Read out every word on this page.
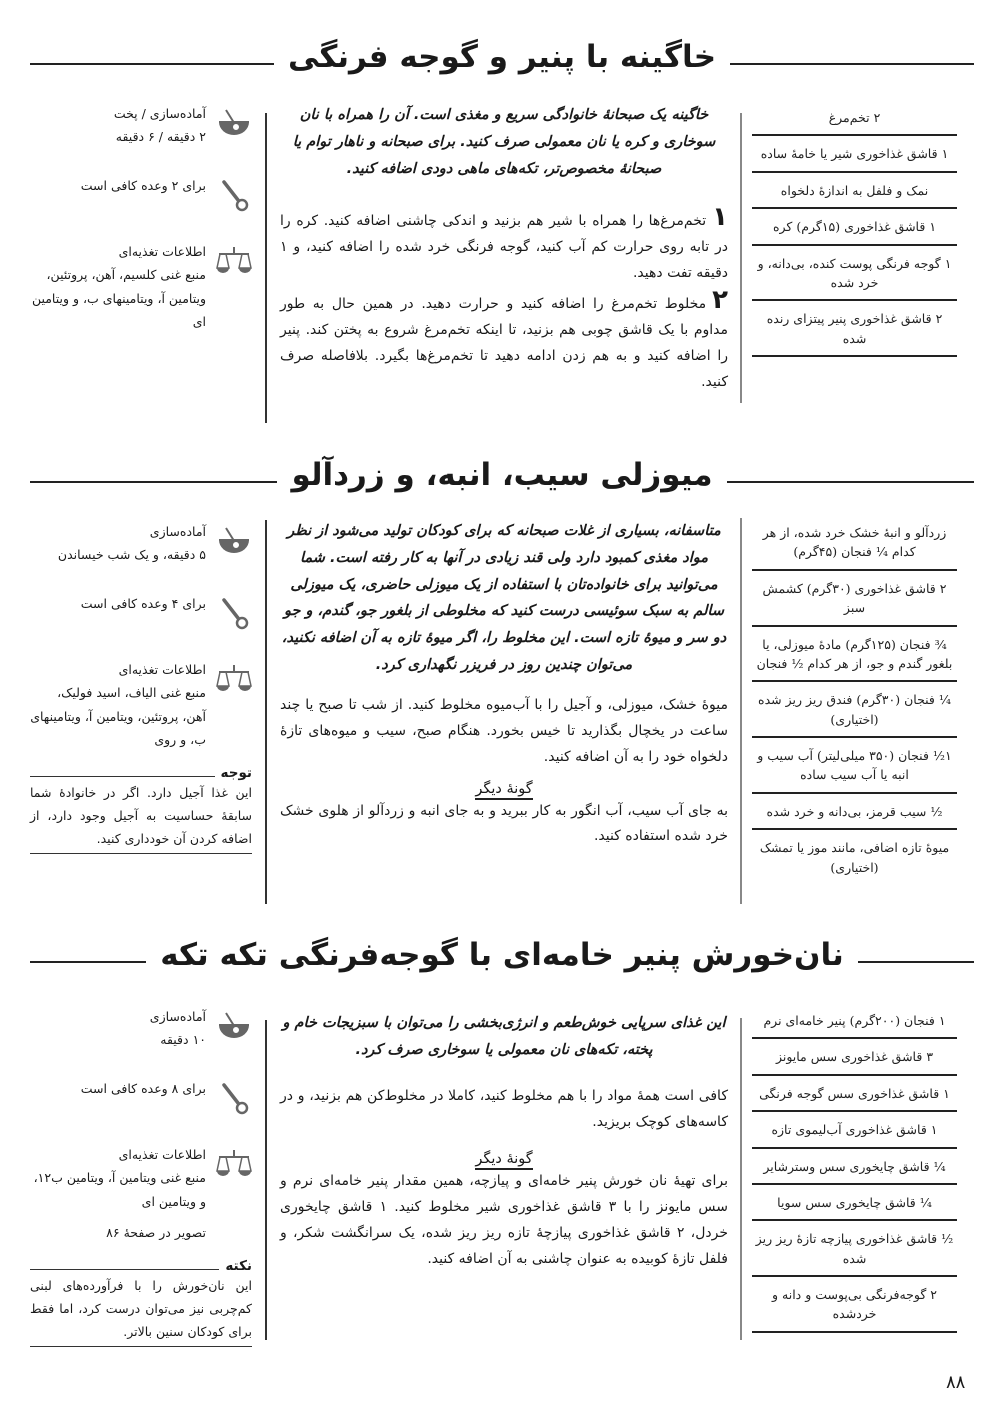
خاگینه با پنیر و گوجه فرنگی
۲ تخم‌مرغ
۱ قاشق غذاخوری شیر یا خامهٔ ساده
نمک و فلفل به اندازهٔ دلخواه
۱ قاشق غذاخوری (۱۵گرم) کره
۱ گوجه فرنگی پوست کنده، بی‌دانه، و خرد شده
۲ قاشق غذاخوری پنیر پیتزای رنده شده

خاگینه یک صبحانهٔ خانوادگی سریع و مغذی است. آن را همراه با نان سوخاری و کره یا نان معمولی صرف کنید. برای صبحانه و ناهار توام یا صبحانهٔ مخصوص‌تر، تکه‌های ماهی دودی اضافه کنید.

۱تخم‌مرغ‌ها را همراه با شیر هم بزنید و اندکی چاشنی اضافه کنید. کره را در تابه روی حرارت کم آب کنید، گوجه فرنگی خرد شده را اضافه کنید، و ۱ دقیقه تفت دهید.

۲مخلوط تخم‌مرغ را اضافه کنید و حرارت دهید. در همین حال به طور مداوم با یک قاشق چوبی هم بزنید، تا اینکه تخم‌مرغ شروع به پختن کند. پنیر را اضافه کنید و به هم زدن ادامه دهید تا تخم‌مرغ‌ها بگیرد. بلافاصله صرف کنید.

آماده‌سازی / پخت
۲ دقیقه / ۶ دقیقه
برای ۲ وعده کافی است
اطلاعات تغذیه‌ای
منبع غنی کلسیم، آهن، پروتئین، ویتامین آ، ویتامینهای ب، و ویتامین ای
میوزلی سیب، انبه، و زردآلو
زردآلو و انبهٔ خشک خرد شده، از هر کدام ¼ فنجان (۴۵گرم)
۲ قاشق غذاخوری (۳۰گرم) کشمش سبز
¾ فنجان (۱۲۵گرم) مادهٔ میوزلی، یا بلغور گندم و جو، از هر کدام ½ فنجان
¼ فنجان (۳۰گرم) فندق ریز ریز شده (اختیاری)
۱½ فنجان (۳۵۰ میلی‌لیتر) آب سیب و انبه یا آب سیب ساده
½ سیب قرمز، بی‌دانه و خرد شده
میوهٔ تازه اضافی، مانند موز یا تمشک (اختیاری)

متاسفانه، بسیاری از غلات صبحانه که برای کودکان تولید می‌شود از نظر مواد مغذی کمبود دارد ولی قند زیادی در آنها به کار رفته است. شما می‌توانید برای خانواده‌تان با استفاده از یک میوزلی حاضری، یک میوزلی سالم به سبک سوئیسی درست کنید که مخلوطی از بلغور جو، گندم، و جو دو سر و میوهٔ تازه است. این مخلوط را، اگر میوهٔ تازه به آن اضافه نکنید، می‌توان چندین روز در فریزر نگهداری کرد.

میوهٔ خشک، میوزلی، و آجیل را با آب‌میوه مخلوط کنید. از شب تا صبح یا چند ساعت در یخچال بگذارید تا خیس بخورد. هنگام صبح، سیب و میوه‌های تازهٔ دلخواه خود را به آن اضافه کنید.

گونهٔ دیگر

به جای آب سیب، آب انگور به کار ببرید و به جای انبه و زردآلو از هلوی خشک خرد شده استفاده کنید.

آماده‌سازی
۵ دقیقه، و یک شب خیساندن
برای ۴ وعده کافی است
اطلاعات تغذیه‌ای
منبع غنی الیاف، اسید فولیک، آهن، پروتئین، ویتامین آ، ویتامینهای ب، و روی
توجه

این غذا آجیل دارد. اگر در خانوادهٔ شما سابقهٔ حساسیت به آجیل وجود دارد، از اضافه کردن آن خودداری کنید.

نان‌خورش پنیر خامه‌ای با گوجه‌فرنگی تکه تکه
۱ فنجان (۲۰۰گرم) پنیر خامه‌ای نرم
۳ قاشق غذاخوری سس مایونز
۱ قاشق غذاخوری سس گوجه فرنگی
۱ قاشق غذاخوری آب‌لیموی تازه
¼ قاشق چایخوری سس وسترشایر
¼ قاشق چایخوری سس سویا
½ قاشق غذاخوری پیازچه تازهٔ ریز ریز شده
۲ گوجه‌فرنگی بی‌پوست و دانه و خردشده

این غذای سرپایی خوش‌طعم و انرژی‌بخشی را می‌توان با سبزیجات خام و پخته، تکه‌های نان معمولی یا سوخاری صرف کرد.

کافی است همهٔ مواد را با هم مخلوط کنید، کاملا در مخلوط‌کن هم بزنید، و در کاسه‌های کوچک بریزید.

گونهٔ دیگر

برای تهیهٔ نان خورش پنیر خامه‌ای و پیازچه، همین مقدار پنیر خامه‌ای نرم و سس مایونز را با ۳ قاشق غذاخوری شیر مخلوط کنید. ۱ قاشق چایخوری خردل، ۲ قاشق غذاخوری پیازچهٔ تازه ریز ریز شده، یک سرانگشت شکر، و فلفل تازهٔ کوبیده به عنوان چاشنی به آن اضافه کنید.

آماده‌سازی
۱۰ دقیقه
برای ۸ وعده کافی است
اطلاعات تغذیه‌ای
منبع غنی ویتامین آ، ویتامین ب۱۲، و ویتامین ای

تصویر در صفحهٔ ۸۶

نکته

این نان‌خورش را با فرآورده‌های لبنی کم‌چربی نیز می‌توان درست کرد، اما فقط برای کودکان سنین بالاتر.

۸۸
